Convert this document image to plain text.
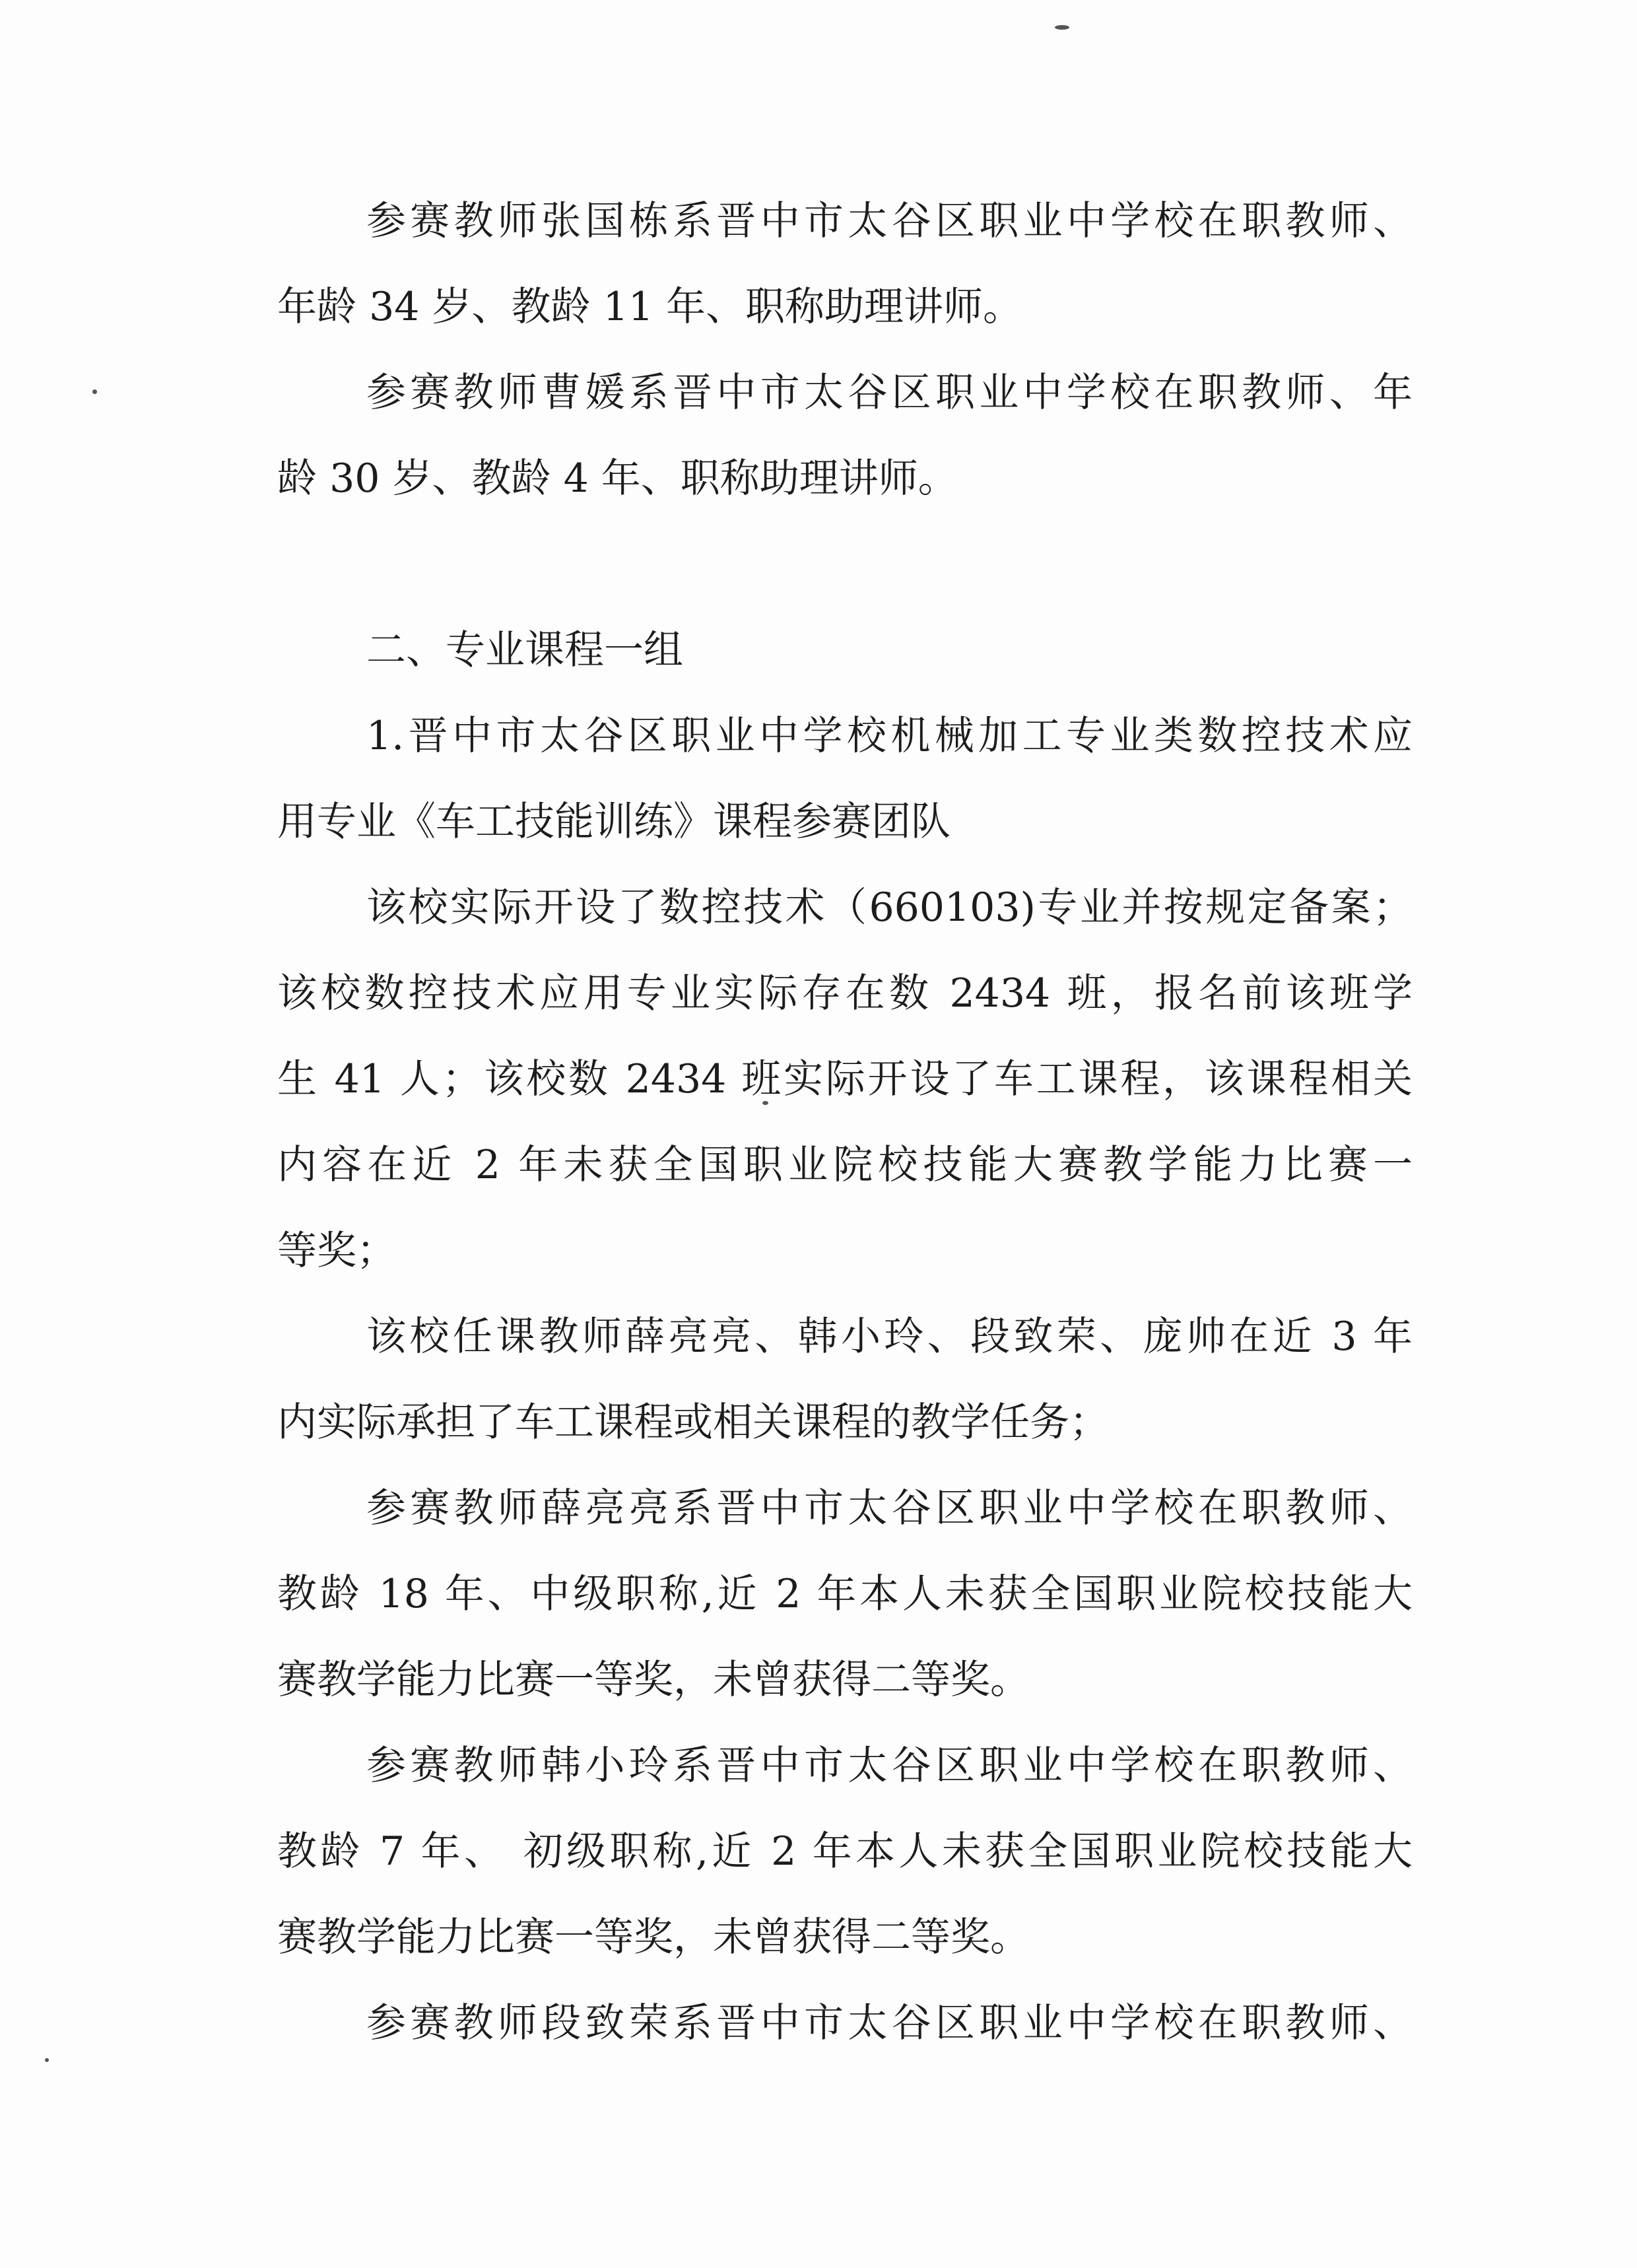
参赛教师张国栋系晋中市太谷区职业中学校在职教师、
年龄 34 岁、教龄 11 年、职称助理讲师。
参赛教师曹媛系晋中市太谷区职业中学校在职教师、年
龄 30 岁、教龄 4 年、职称助理讲师。
二、专业课程一组
1.晋中市太谷区职业中学校机械加工专业类数控技术应
用专业《车工技能训练》课程参赛团队
该校实际开设了数控技术（660103)专业并按规定备案；
该校数控技术应用专业实际存在数 2434 班，报名前该班学
生 41 人；该校数 2434 班实际开设了车工课程，该课程相关
内容在近 2 年未获全国职业院校技能大赛教学能力比赛一
等奖；
该校任课教师薛亮亮、韩小玲、段致荣、庞帅在近 3 年
内实际承担了车工课程或相关课程的教学任务；
参赛教师薛亮亮系晋中市太谷区职业中学校在职教师、
教龄 18 年、中级职称,近 2 年本人未获全国职业院校技能大
赛教学能力比赛一等奖，未曾获得二等奖。
参赛教师韩小玲系晋中市太谷区职业中学校在职教师、
教龄 7 年、 初级职称,近 2 年本人未获全国职业院校技能大
赛教学能力比赛一等奖，未曾获得二等奖。
参赛教师段致荣系晋中市太谷区职业中学校在职教师、
